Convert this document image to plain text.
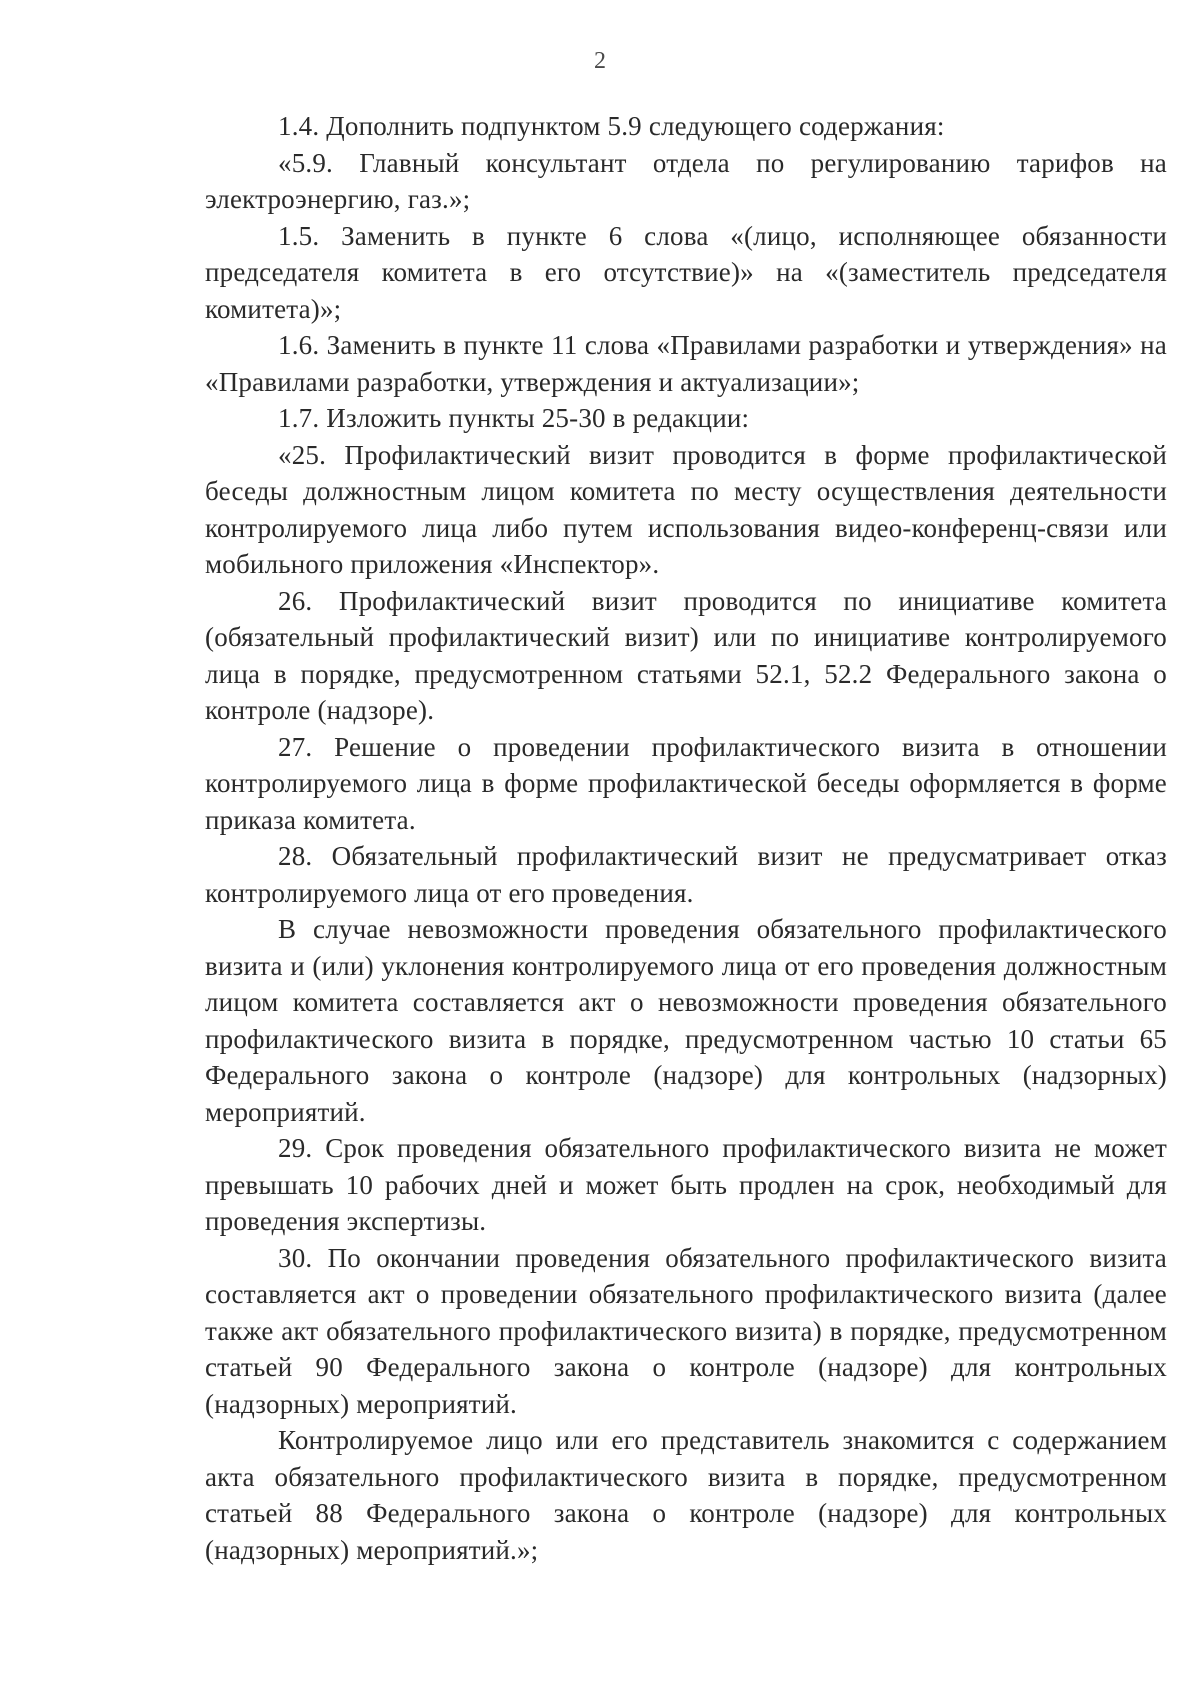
2

1.4. Дополнить подпунктом 5.9 следующего содержания:

«5.9. Главный консультант отдела по регулированию тарифов на электроэнергию, газ.»;

1.5. Заменить в пункте 6 слова «(лицо, исполняющее обязанности председателя комитета в его отсутствие)» на «(заместитель председателя комитета)»;

1.6. Заменить в пункте 11 слова «Правилами разработки и утверждения» на «Правилами разработки, утверждения и актуализации»;

1.7. Изложить пункты 25-30 в редакции:

«25. Профилактический визит проводится в форме профилактической беседы должностным лицом комитета по месту осуществления деятельности контролируемого лица либо путем использования видео-конференц-связи или мобильного приложения «Инспектор».

26. Профилактический визит проводится по инициативе комитета (обязательный профилактический визит) или по инициативе контролируемого лица в порядке, предусмотренном статьями 52.1, 52.2 Федерального закона о контроле (надзоре).

27. Решение о проведении профилактического визита в отношении контролируемого лица в форме профилактической беседы оформляется в форме приказа комитета.

28. Обязательный профилактический визит не предусматривает отказ контролируемого лица от его проведения.

В случае невозможности проведения обязательного профилактического визита и (или) уклонения контролируемого лица от его проведения должностным лицом комитета составляется акт о невозможности проведения обязательного профилактического визита в порядке, предусмотренном частью 10 статьи 65 Федерального закона о контроле (надзоре) для контрольных (надзорных) мероприятий.

29. Срок проведения обязательного профилактического визита не может превышать 10 рабочих дней и может быть продлен на срок, необходимый для проведения экспертизы.

30. По окончании проведения обязательного профилактического визита составляется акт о проведении обязательного профилактического визита (далее также акт обязательного профилактического визита) в порядке, предусмотренном статьей 90 Федерального закона о контроле (надзоре) для контрольных (надзорных) мероприятий.

Контролируемое лицо или его представитель знакомится с содержанием акта обязательного профилактического визита в порядке, предусмотренном статьей 88 Федерального закона о контроле (надзоре) для контрольных (надзорных) мероприятий.»;
